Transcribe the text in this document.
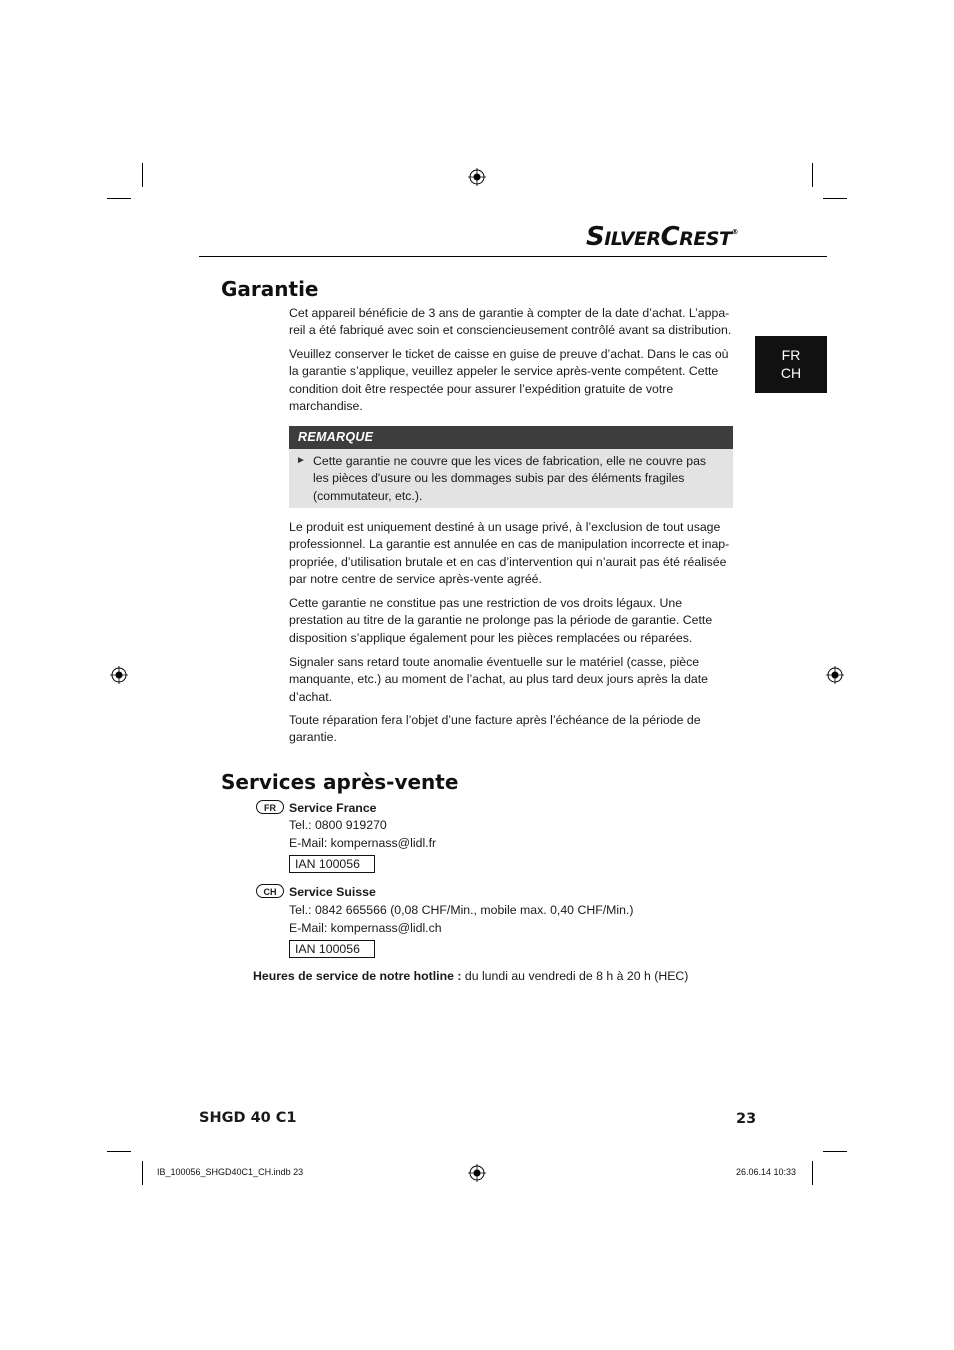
SILVERCREST®
FR
CH
Garantie

Cet appareil bénéficie de 3 ans de garantie à compter de la date d’achat. L’appa-reil a été fabriqué avec soin et consciencieusement contrôlé avant sa distribution.

Veuillez conserver le ticket de caisse en guise de preuve d’achat. Dans le cas où la garantie s’applique, veuillez appeler le service après-vente compétent. Cette condition doit être respectée pour assurer l’expédition gratuite de votre marchandise.

REMARQUE
► Cette garantie ne couvre que les vices de fabrication, elle ne couvre pas les pièces d'usure ou les dommages subis par des éléments fragiles (commutateur, etc.).

Le produit est uniquement destiné à un usage privé, à l’exclusion de tout usage professionnel. La garantie est annulée en cas de manipulation incorrecte et inap-propriée, d’utilisation brutale et en cas d’intervention qui n’aurait pas été réalisée par notre centre de service après-vente agréé.

Cette garantie ne constitue pas une restriction de vos droits légaux. Une prestation au titre de la garantie ne prolonge pas la période de garantie. Cette disposition s’applique également pour les pièces remplacées ou réparées.

Signaler sans retard toute anomalie éventuelle sur le matériel (casse, pièce manquante, etc.) au moment de l’achat, au plus tard deux jours après la date d’achat.

Toute réparation fera l’objet d’une facture après l’échéance de la période de garantie.

Services après-vente
FR	Service France
Tel.: 0800 919270
E-Mail: kompernass@lidl.fr
IAN 100056
CH	Service Suisse
Tel.: 0842 665566 (0,08 CHF/Min., mobile max. 0,40 CHF/Min.)
E-Mail: kompernass@lidl.ch
IAN 100056
Heures de service de notre hotline : du lundi au vendredi de 8 h à 20 h (HEC)
SHGD 40 C1	23
IB_100056_SHGD40C1_CH.indb 23	26.06.14 10:33
